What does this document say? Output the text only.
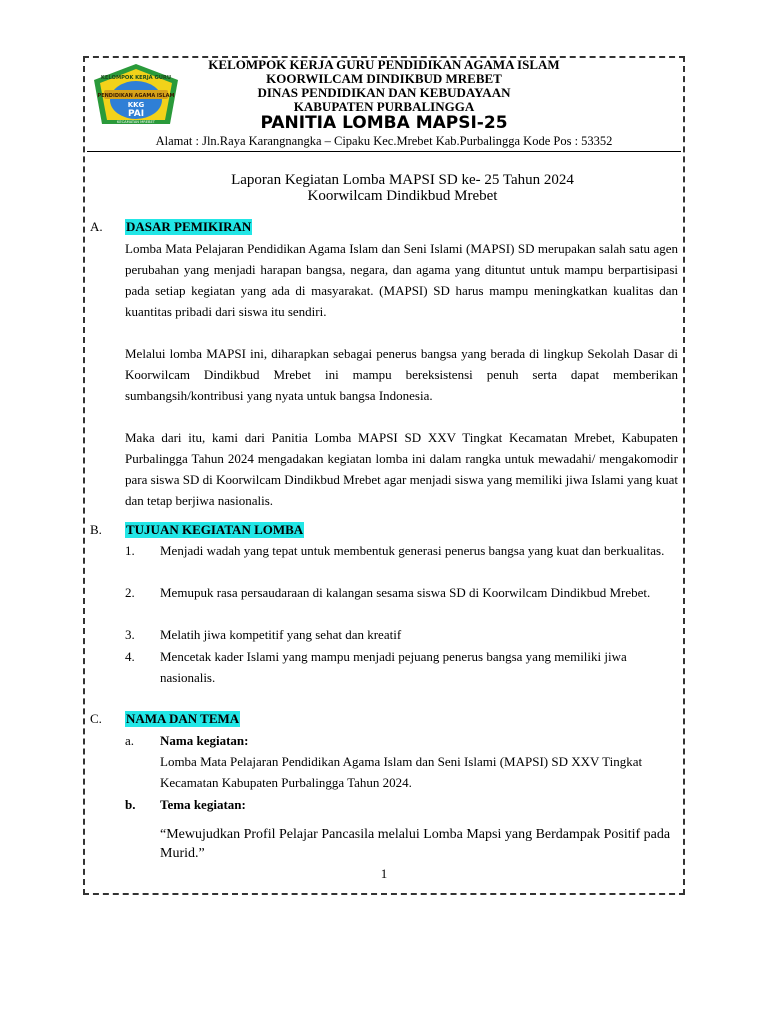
KELOMPOK KERJA GURU
PENDIDIKAN AGAMA ISLAM
KKG
PAI
KECAMATAN MREBET
KELOMPOK KERJA GURU PENDIDIKAN AGAMA ISLAM
KOORWILCAM DINDIKBUD MREBET
DINAS PENDIDIKAN DAN KEBUDAYAAN
KABUPATEN PURBALINGGA
PANITIA LOMBA MAPSI-25
Alamat : Jln.Raya Karangnangka – Cipaku Kec.Mrebet Kab.Purbalingga Kode Pos : 53352
Laporan Kegiatan Lomba MAPSI SD ke- 25 Tahun 2024
Koorwilcam Dindikbud Mrebet
A. DASAR PEMIKIRAN
Lomba Mata Pelajaran Pendidikan Agama Islam dan Seni Islami (MAPSI) SD merupakan salah satu agen perubahan yang menjadi harapan bangsa, negara, dan agama yang dituntut untuk mampu berpartisipasi pada setiap kegiatan yang ada di masyarakat. (MAPSI) SD harus mampu meningkatkan kualitas dan kuantitas pribadi dari siswa itu sendiri.
Melalui lomba MAPSI ini, diharapkan sebagai penerus bangsa yang berada di lingkup Sekolah Dasar di Koorwilcam Dindikbud Mrebet ini mampu bereksistensi penuh serta dapat memberikan sumbangsih/kontribusi yang nyata untuk bangsa Indonesia.
Maka dari itu, kami dari Panitia Lomba MAPSI SD XXV Tingkat Kecamatan Mrebet, Kabupaten Purbalingga Tahun 2024 mengadakan kegiatan lomba ini dalam rangka untuk mewadahi/ mengakomodir para siswa SD di Koorwilcam Dindikbud Mrebet agar menjadi siswa yang memiliki jiwa Islami yang kuat dan tetap berjiwa nasionalis.
B. TUJUAN KEGIATAN LOMBA
1. Menjadi wadah yang tepat untuk membentuk generasi penerus bangsa yang kuat dan berkualitas.
2. Memupuk rasa persaudaraan di kalangan sesama siswa SD di Koorwilcam Dindikbud Mrebet.
3. Melatih jiwa kompetitif yang sehat dan kreatif
4. Mencetak kader Islami yang mampu menjadi pejuang penerus bangsa yang memiliki jiwa nasionalis.
C. NAMA DAN TEMA
a. Nama kegiatan:
Lomba Mata Pelajaran Pendidikan Agama Islam dan Seni Islami (MAPSI) SD XXV Tingkat Kecamatan Kabupaten Purbalingga Tahun 2024.
b. Tema kegiatan:
“Mewujudkan Profil Pelajar Pancasila melalui Lomba Mapsi yang Berdampak Positif pada Murid.”
1
